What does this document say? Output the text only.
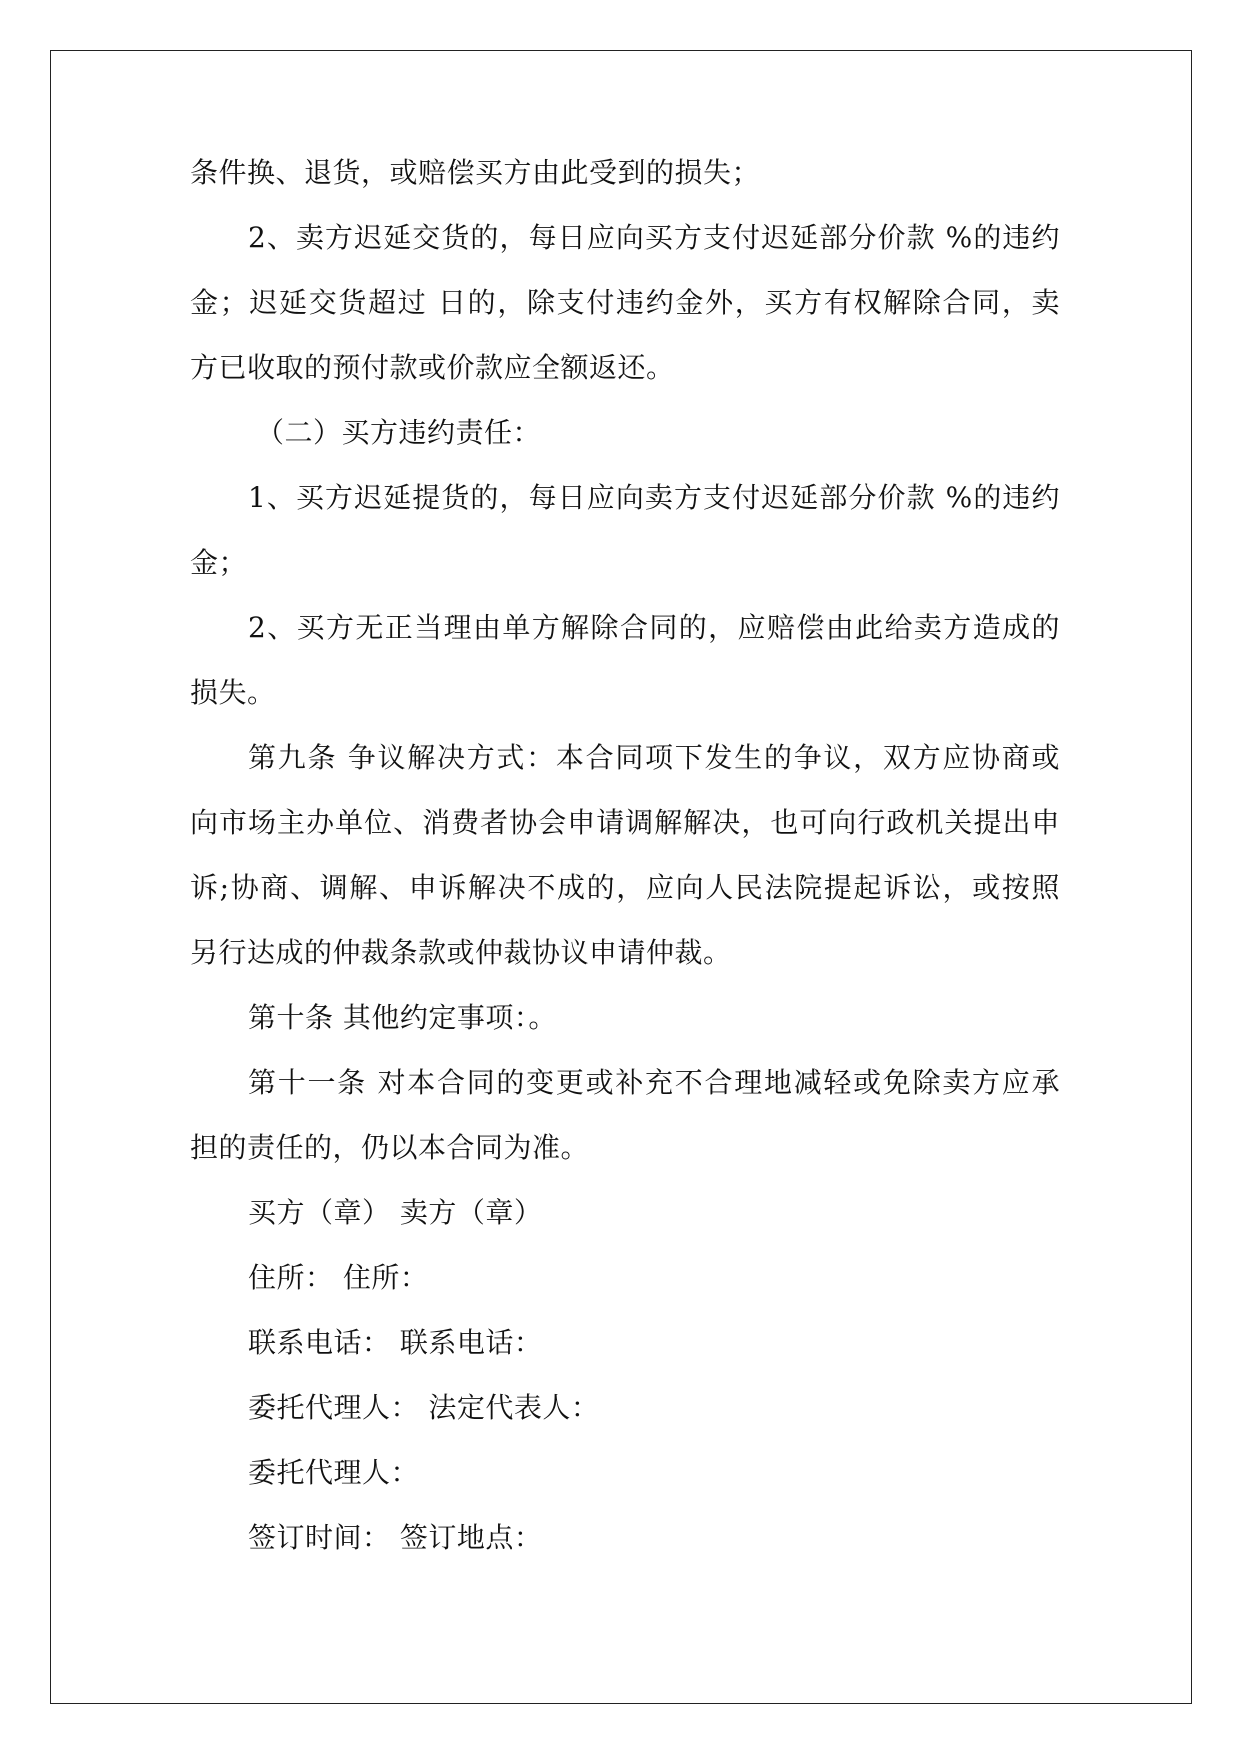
条件换、退货，或赔偿买方由此受到的损失；
2、卖方迟延交货的，每日应向买方支付迟延部分价款 %的违约
金；迟延交货超过 日的，除支付违约金外，买方有权解除合同，卖
方已收取的预付款或价款应全额返还。
（二）买方违约责任：
1、买方迟延提货的，每日应向卖方支付迟延部分价款 %的违约
金；
2、买方无正当理由单方解除合同的，应赔偿由此给卖方造成的
损失。
第九条 争议解决方式：本合同项下发生的争议，双方应协商或
向市场主办单位、消费者协会申请调解解决，也可向行政机关提出申
诉;协商、调解、申诉解决不成的，应向人民法院提起诉讼，或按照
另行达成的仲裁条款或仲裁协议申请仲裁。
第十条 其他约定事项：。
第十一条 对本合同的变更或补充不合理地减轻或免除卖方应承
担的责任的，仍以本合同为准。
买方（章） 卖方（章）
住所： 住所：
联系电话： 联系电话：
委托代理人： 法定代表人：
委托代理人：
签订时间： 签订地点：
